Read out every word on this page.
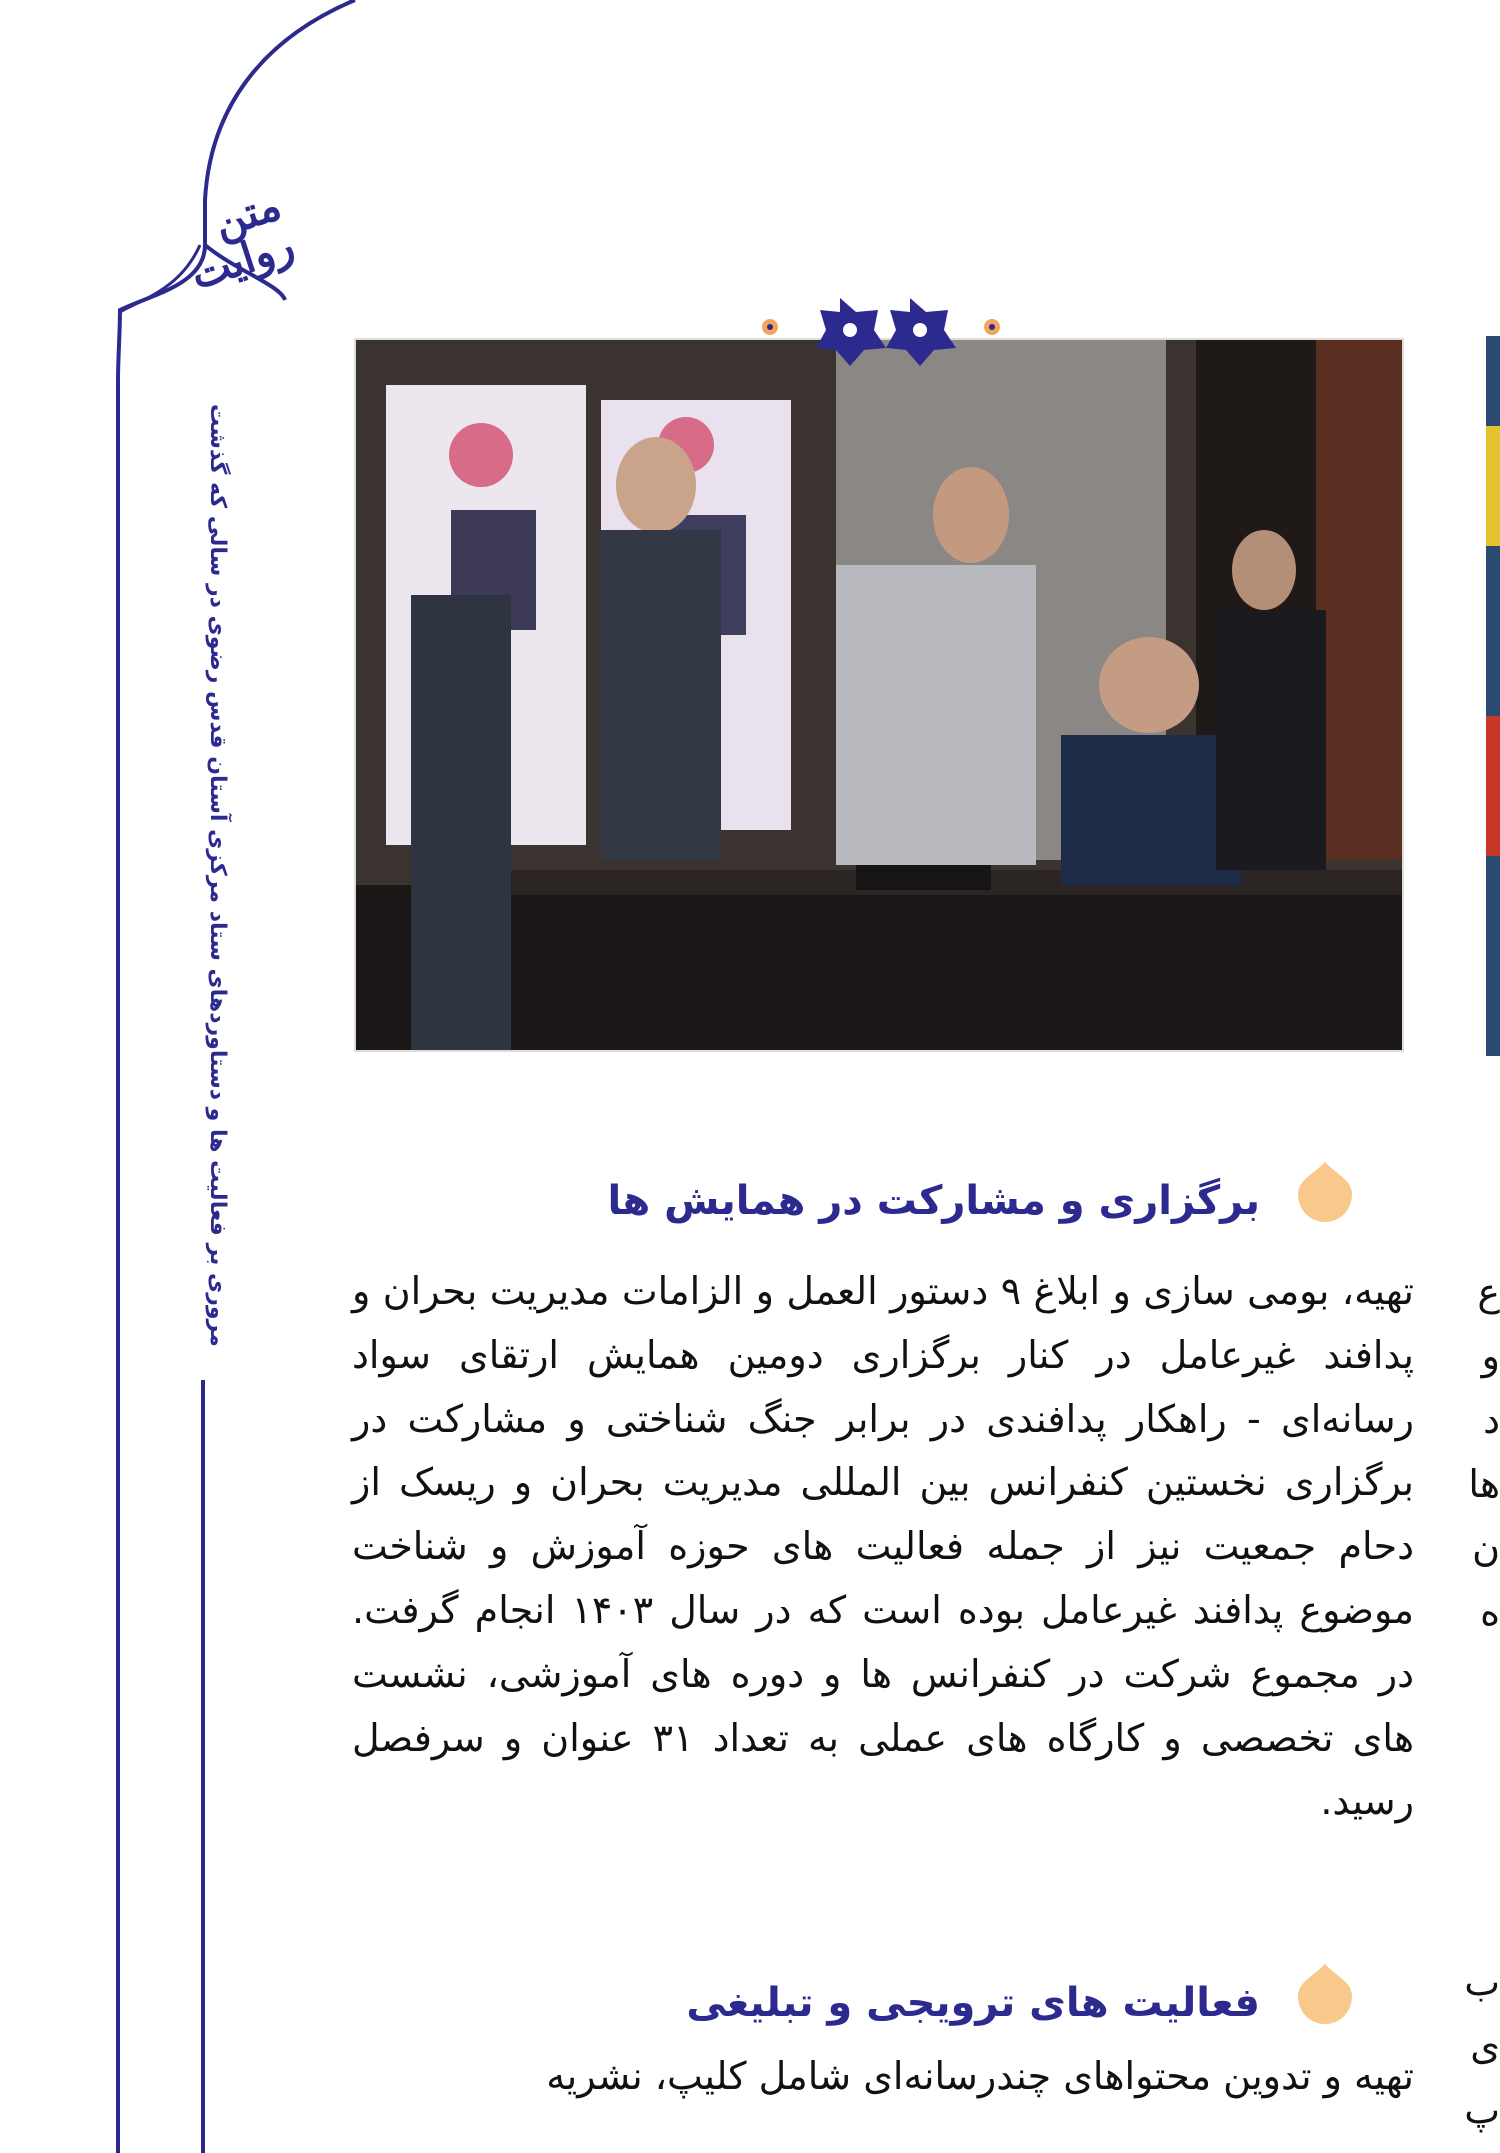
متن روایت
مروری بر فعالیت ها و دستاوردهای ستاد مرکزی آستان قدس رضوی در سالی که گذشت	برگزاری و مشارکت در همایش ها
تهیه، بومی سازی و ابلاغ ۹ دستور العمل و الزامات مدیریت بحران و پدافند غیرعامل در کنار برگزاری دومین همایش ارتقای سواد رسانه‌ای - راهکار پدافندی در برابر جنگ شناختی و مشارکت در برگزاری نخستین کنفرانس بین المللی مدیریت بحران و ریسک از دحام جمعیت نیز از جمله فعالیت های حوزه آموزش و شناخت موضوع پدافند غیرعامل بوده است که در سال ۱۴۰۳ انجام گرفت. در مجموع شرکت در کنفرانس ها و دوره های آموزشی، نشست های تخصصی و کارگاه های عملی به تعداد ۳۱ عنوان و سرفصل رسید.
فعالیت های ترویجی و تبلیغی
تهیه و تدوین محتواهای چندرسانه‌ای شامل کلیپ، نشریه
ع
و
د
ها
ن
ه
ب
ی
پ
